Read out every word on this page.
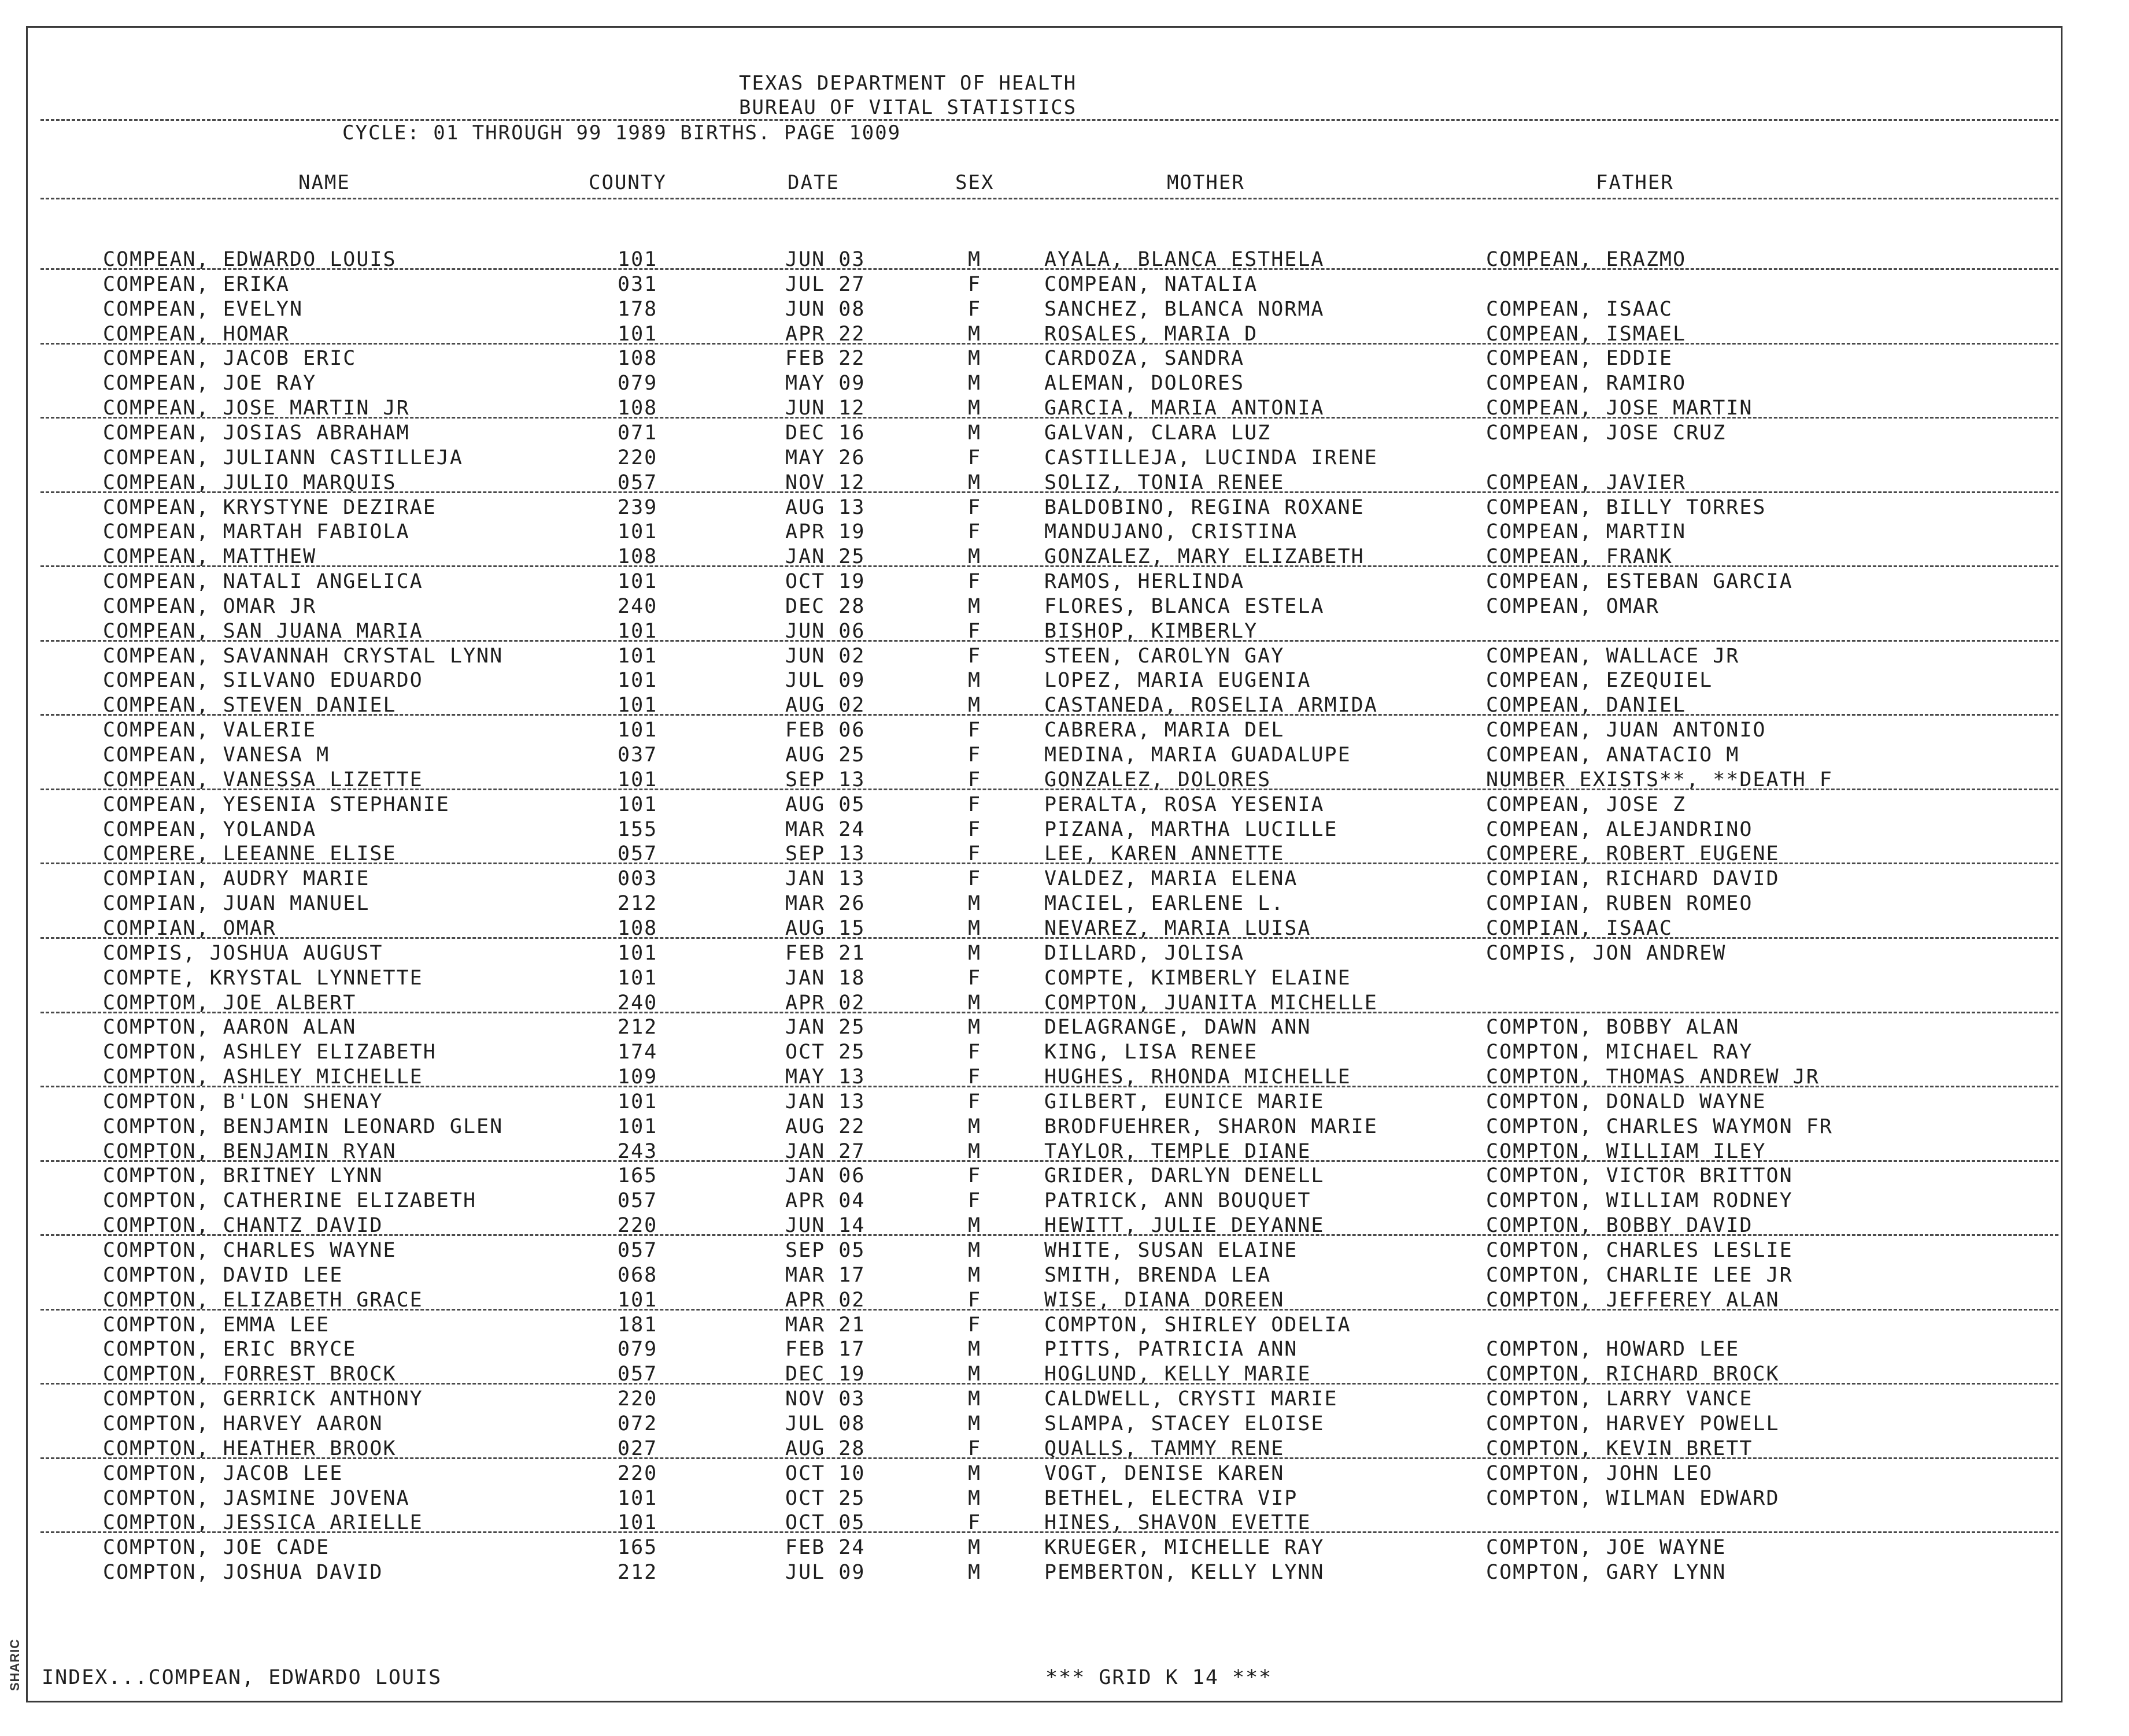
TEXAS DEPARTMENT OF HEALTH
BUREAU OF VITAL STATISTICS
CYCLE: 01 THROUGH 99 1989 BIRTHS. PAGE 1009
NAME	COUNTY	DATE	SEX	MOTHER	FATHER
COMPEAN, EDWARDO LOUIS	101	JUN 03	M	AYALA, BLANCA ESTHELA	COMPEAN, ERAZMO
COMPEAN, ERIKA	031	JUL 27	F	COMPEAN, NATALIA
COMPEAN, EVELYN	178	JUN 08	F	SANCHEZ, BLANCA NORMA	COMPEAN, ISAAC
COMPEAN, HOMAR	101	APR 22	M	ROSALES, MARIA D	COMPEAN, ISMAEL
COMPEAN, JACOB ERIC	108	FEB 22	M	CARDOZA, SANDRA	COMPEAN, EDDIE
COMPEAN, JOE RAY	079	MAY 09	M	ALEMAN, DOLORES	COMPEAN, RAMIRO
COMPEAN, JOSE MARTIN JR	108	JUN 12	M	GARCIA, MARIA ANTONIA	COMPEAN, JOSE MARTIN
COMPEAN, JOSIAS ABRAHAM	071	DEC 16	M	GALVAN, CLARA LUZ	COMPEAN, JOSE CRUZ
COMPEAN, JULIANN CASTILLEJA	220	MAY 26	F	CASTILLEJA, LUCINDA IRENE
COMPEAN, JULIO MARQUIS	057	NOV 12	M	SOLIZ, TONIA RENEE	COMPEAN, JAVIER
COMPEAN, KRYSTYNE DEZIRAE	239	AUG 13	F	BALDOBINO, REGINA ROXANE	COMPEAN, BILLY TORRES
COMPEAN, MARTAH FABIOLA	101	APR 19	F	MANDUJANO, CRISTINA	COMPEAN, MARTIN
COMPEAN, MATTHEW	108	JAN 25	M	GONZALEZ, MARY ELIZABETH	COMPEAN, FRANK
COMPEAN, NATALI ANGELICA	101	OCT 19	F	RAMOS, HERLINDA	COMPEAN, ESTEBAN GARCIA
COMPEAN, OMAR JR	240	DEC 28	M	FLORES, BLANCA ESTELA	COMPEAN, OMAR
COMPEAN, SAN JUANA MARIA	101	JUN 06	F	BISHOP, KIMBERLY
COMPEAN, SAVANNAH CRYSTAL LYNN	101	JUN 02	F	STEEN, CAROLYN GAY	COMPEAN, WALLACE JR
COMPEAN, SILVANO EDUARDO	101	JUL 09	M	LOPEZ, MARIA EUGENIA	COMPEAN, EZEQUIEL
COMPEAN, STEVEN DANIEL	101	AUG 02	M	CASTANEDA, ROSELIA ARMIDA	COMPEAN, DANIEL
COMPEAN, VALERIE	101	FEB 06	F	CABRERA, MARIA DEL	COMPEAN, JUAN ANTONIO
COMPEAN, VANESA M	037	AUG 25	F	MEDINA, MARIA GUADALUPE	COMPEAN, ANATACIO M
COMPEAN, VANESSA LIZETTE	101	SEP 13	F	GONZALEZ, DOLORES	NUMBER EXISTS**, **DEATH F
COMPEAN, YESENIA STEPHANIE	101	AUG 05	F	PERALTA, ROSA YESENIA	COMPEAN, JOSE Z
COMPEAN, YOLANDA	155	MAR 24	F	PIZANA, MARTHA LUCILLE	COMPEAN, ALEJANDRINO
COMPERE, LEEANNE ELISE	057	SEP 13	F	LEE, KAREN ANNETTE	COMPERE, ROBERT EUGENE
COMPIAN, AUDRY MARIE	003	JAN 13	F	VALDEZ, MARIA ELENA	COMPIAN, RICHARD DAVID
COMPIAN, JUAN MANUEL	212	MAR 26	M	MACIEL, EARLENE L.	COMPIAN, RUBEN ROMEO
COMPIAN, OMAR	108	AUG 15	M	NEVAREZ, MARIA LUISA	COMPIAN, ISAAC
COMPIS, JOSHUA AUGUST	101	FEB 21	M	DILLARD, JOLISA	COMPIS, JON ANDREW
COMPTE, KRYSTAL LYNNETTE	101	JAN 18	F	COMPTE, KIMBERLY ELAINE
COMPTOM, JOE ALBERT	240	APR 02	M	COMPTON, JUANITA MICHELLE
COMPTON, AARON ALAN	212	JAN 25	M	DELAGRANGE, DAWN ANN	COMPTON, BOBBY ALAN
COMPTON, ASHLEY ELIZABETH	174	OCT 25	F	KING, LISA RENEE	COMPTON, MICHAEL RAY
COMPTON, ASHLEY MICHELLE	109	MAY 13	F	HUGHES, RHONDA MICHELLE	COMPTON, THOMAS ANDREW JR
COMPTON, B'LON SHENAY	101	JAN 13	F	GILBERT, EUNICE MARIE	COMPTON, DONALD WAYNE
COMPTON, BENJAMIN LEONARD GLEN	101	AUG 22	M	BRODFUEHRER, SHARON MARIE	COMPTON, CHARLES WAYMON FR
COMPTON, BENJAMIN RYAN	243	JAN 27	M	TAYLOR, TEMPLE DIANE	COMPTON, WILLIAM ILEY
COMPTON, BRITNEY LYNN	165	JAN 06	F	GRIDER, DARLYN DENELL	COMPTON, VICTOR BRITTON
COMPTON, CATHERINE ELIZABETH	057	APR 04	F	PATRICK, ANN BOUQUET	COMPTON, WILLIAM RODNEY
COMPTON, CHANTZ DAVID	220	JUN 14	M	HEWITT, JULIE DEYANNE	COMPTON, BOBBY DAVID
COMPTON, CHARLES WAYNE	057	SEP 05	M	WHITE, SUSAN ELAINE	COMPTON, CHARLES LESLIE
COMPTON, DAVID LEE	068	MAR 17	M	SMITH, BRENDA LEA	COMPTON, CHARLIE LEE JR
COMPTON, ELIZABETH GRACE	101	APR 02	F	WISE, DIANA DOREEN	COMPTON, JEFFEREY ALAN
COMPTON, EMMA LEE	181	MAR 21	F	COMPTON, SHIRLEY ODELIA
COMPTON, ERIC BRYCE	079	FEB 17	M	PITTS, PATRICIA ANN	COMPTON, HOWARD LEE
COMPTON, FORREST BROCK	057	DEC 19	M	HOGLUND, KELLY MARIE	COMPTON, RICHARD BROCK
COMPTON, GERRICK ANTHONY	220	NOV 03	M	CALDWELL, CRYSTI MARIE	COMPTON, LARRY VANCE
COMPTON, HARVEY AARON	072	JUL 08	M	SLAMPA, STACEY ELOISE	COMPTON, HARVEY POWELL
COMPTON, HEATHER BROOK	027	AUG 28	F	QUALLS, TAMMY RENE	COMPTON, KEVIN BRETT
COMPTON, JACOB LEE	220	OCT 10	M	VOGT, DENISE KAREN	COMPTON, JOHN LEO
COMPTON, JASMINE JOVENA	101	OCT 25	M	BETHEL, ELECTRA VIP	COMPTON, WILMAN EDWARD
COMPTON, JESSICA ARIELLE	101	OCT 05	F	HINES, SHAVON EVETTE
COMPTON, JOE CADE	165	FEB 24	M	KRUEGER, MICHELLE RAY	COMPTON, JOE WAYNE
COMPTON, JOSHUA DAVID	212	JUL 09	M	PEMBERTON, KELLY LYNN	COMPTON, GARY LYNN
INDEX...COMPEAN, EDWARDO LOUIS	*** GRID K 14 ***
SHARIC
